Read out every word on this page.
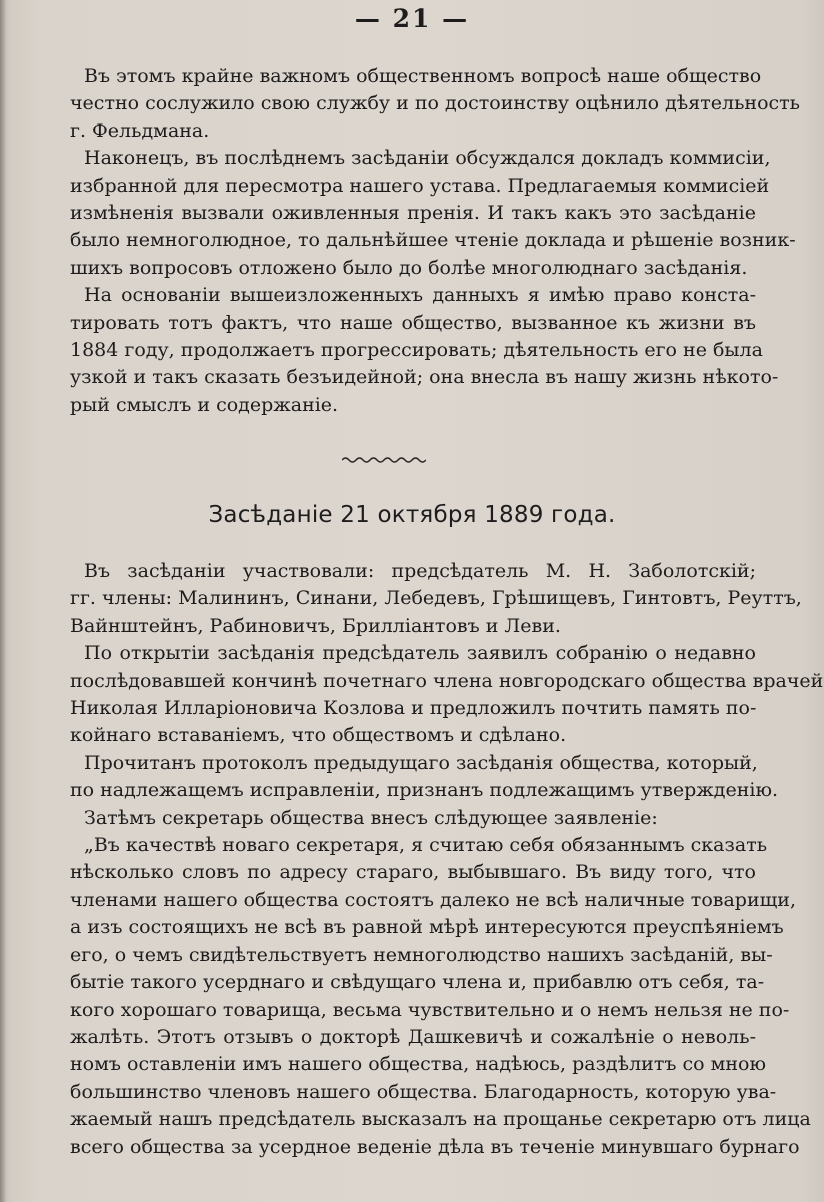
— 21 —
Въ этомъ крайне важномъ общественномъ вопросѣ наше общество
честно сослужило свою службу и по достоинству оцѣнило дѣятельность
г. Фельдмана.
Наконецъ, въ послѣднемъ засѣданiи обсуждался докладъ коммисiи,
избранной для пересмотра нашего устава. Предлагаемыя коммисiей
измѣненiя вызвали оживленныя пренiя. И такъ какъ это засѣданiе
было немноголюдное, то дальнѣйшее чтенiе доклада и рѣшенiе возник-
шихъ вопросовъ отложено было до болѣе многолюднаго засѣданiя.
На основанiи вышеизложенныхъ данныхъ я имѣю право конста-
тировать тотъ фактъ, что наше общество, вызванное къ жизни въ
1884 году, продолжаетъ прогрессировать; дѣятельность его не была
узкой и такъ сказать безъидейной; она внесла въ нашу жизнь нѣкото-
рый смыслъ и содержанiе.
Засѣданiе 21 октября 1889 года.
Въ засѣданiи участвовали: предсѣдатель М. Н. Заболотскiй;
гг. члены: Малининъ, Синани, Лебедевъ, Грѣшищевъ, Гинтовтъ, Реуттъ,
Вайнштейнъ, Рабиновичъ, Брилліантовъ и Леви.
По открытiи засѣданiя предсѣдатель заявилъ собранiю о недавно
послѣдовавшей кончинѣ почетнаго члена новгородскаго общества врачей
Николая Илларiоновича Козлова и предложилъ почтить память по-
койнаго вставанiемъ, что обществомъ и сдѣлано.
Прочитанъ протоколъ предыдущаго засѣданiя общества, который,
по надлежащемъ исправленiи, признанъ подлежащимъ утвержденiю.
Затѣмъ секретарь общества внесъ слѣдующее заявленiе:
„Въ качествѣ новаго секретаря, я считаю себя обязаннымъ сказать
нѣсколько словъ по адресу стараго, выбывшаго. Въ виду того, что
членами нашего общества состоятъ далеко не всѣ наличные товарищи,
а изъ состоящихъ не всѣ въ равной мѣрѣ интересуются преуспѣянiемъ
его, о чемъ свидѣтельствуетъ немноголюдство нашихъ засѣданiй, вы-
бытiе такого усерднаго и свѣдущаго члена и, прибавлю отъ себя, та-
кого хорошаго товарища, весьма чувствительно и о немъ нельзя не по-
жалѣть. Этотъ отзывъ о докторѣ Дашкевичѣ и сожалѣнiе о неволь-
номъ оставленiи имъ нашего общества, надѣюсь, раздѣлитъ со мною
большинство членовъ нашего общества. Благодарность, которую ува-
жаемый нашъ предсѣдатель высказалъ на прощанье секретарю отъ лица
всего общества за усердное веденiе дѣла въ теченiе минувшаго бурнаго
